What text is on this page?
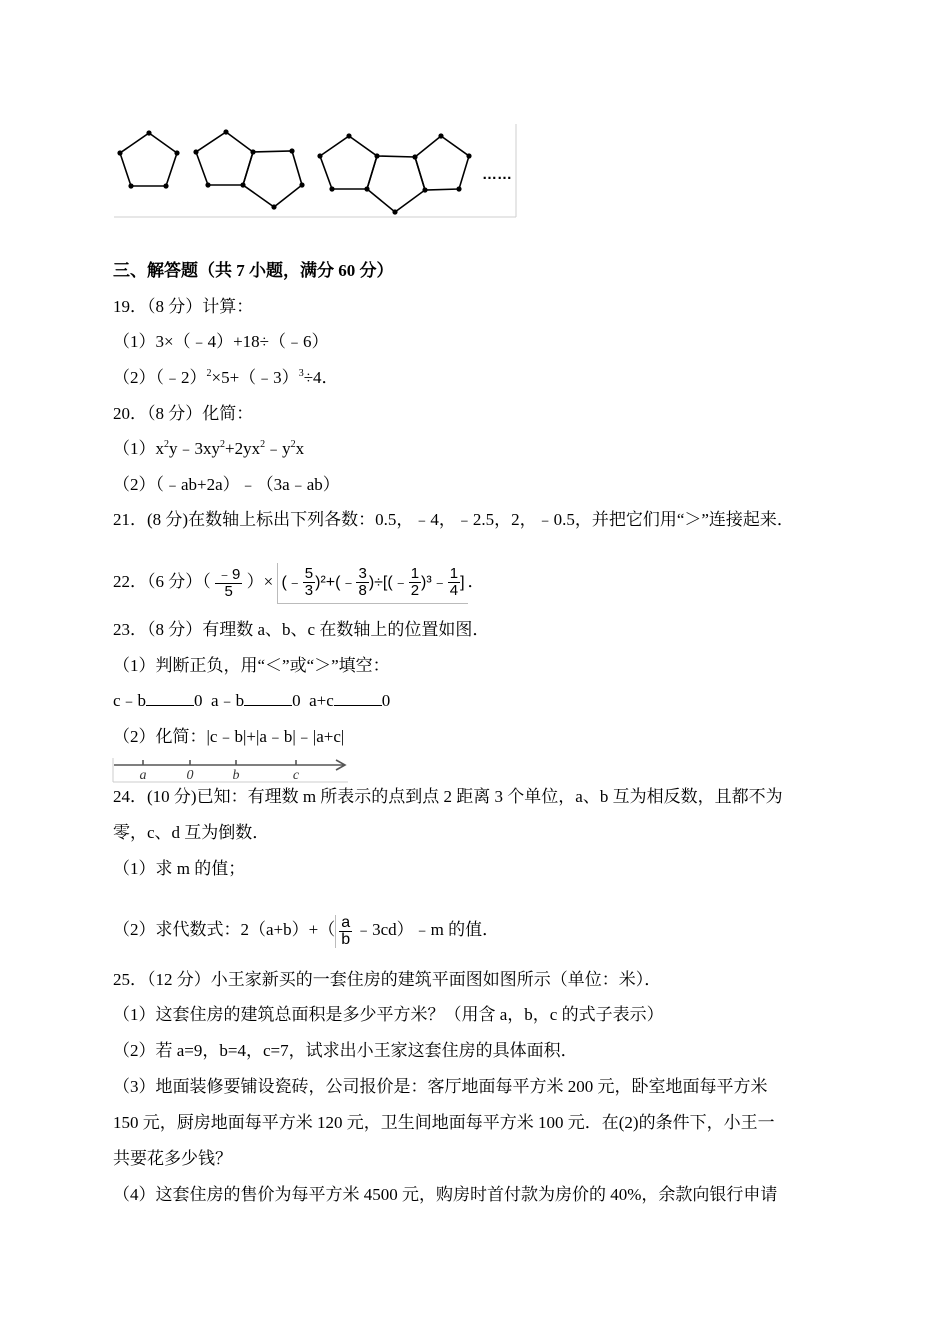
……
三、解答题（共 7 小题，满分 60 分）
19．（8 分）计算：
（1）3×（﹣4）+18÷（﹣6）
（2）（﹣2）$^2$×5+（﹣3）$^3$÷4．
20．（8 分）化简：
$(1)x^2y﹣3xy^2+2yx^2﹣y^2x$
（2）（﹣ab+2a）﹣（3a﹣ab）
21．(8 分)在数轴上标出下列各数：0.5，﹣4，﹣2.5，2，﹣0.5，并把它们用“＞”连接起来．
22．（6 分）（ $\frac{﹣9}{5}$ ）× (﹣ $\frac{5}{3}$ )²+(﹣ $\frac{3}{8}$ )÷[(﹣ $\frac{1}{2}$ )³﹣ $\frac{1}{4}$ ] ．
23．（8 分）有理数 a、b、c 在数轴上的位置如图．
（1）判断正负，用“＜”或“＞”填空：
c﹣b	0 a﹣b	0 a+c	0
（2）化简：|c﹣b|+|a﹣b|﹣|a+c|
a	0	b	c
24．(10 分)已知：有理数 m 所表示的点到点 2 距离 3 个单位，a、b 互为相反数，且都不为
零，c、d 互为倒数．
（1）求 m 的值；
（2）求代数式：$2(a+b)+( \frac{a}{b}$ ﹣3cd）﹣m 的值．
25．（12 分）小王家新买的一套住房的建筑平面图如图所示（单位：米）．
（1）这套住房的建筑总面积是多少平方米？（用含 a，b，c 的式子表示）
（2）若 a=9，b=4，c=7，试求出小王家这套住房的具体面积．
（3）地面装修要铺设瓷砖，公司报价是：客厅地面每平方米 200 元，卧室地面每平方米
150 元，厨房地面每平方米 120 元，卫生间地面每平方米 100 元．在(2)的条件下，小王一
共要花多少钱？
（4）这套住房的售价为每平方米 4500 元，购房时首付款为房价的 40%，余款向银行申请
